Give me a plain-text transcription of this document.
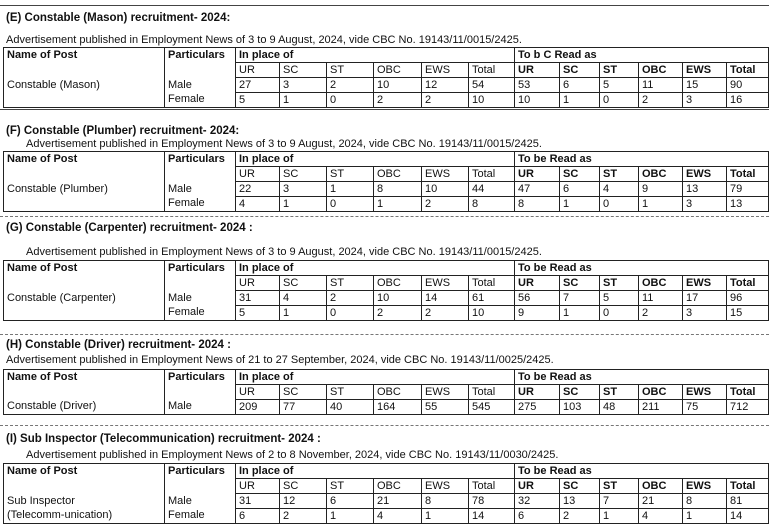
(E) Constable (Mason) recruitment- 2024:
Advertisement published in Employment News of 3 to 9 August, 2024, vide CBC No. 19143/11/0015/2425.
Name of Post	Particulars	In place of						To b C Read as					
		UR	SC	ST	OBC	EWS	Total	UR	SC	ST	OBC	EWS	Total
Constable (Mason)	Male	27	3	2	10	12	54	53	6	5	11	15	90
	Female	5	1	0	2	2	10	10	1	0	2	3	16
(F) Constable (Plumber) recruitment- 2024:
Advertisement published in Employment News of 3 to 9 August, 2024, vide CBC No. 19143/11/0015/2425.
Name of Post	Particulars	In place of						To be Read as					
		UR	SC	ST	OBC	EWS	Total	UR	SC	ST	OBC	EWS	Total
Constable (Plumber)	Male	22	3	1	8	10	44	47	6	4	9	13	79
	Female	4	1	0	1	2	8	8	1	0	1	3	13
(G) Constable (Carpenter) recruitment- 2024 :
Advertisement published in Employment News of 3 to 9 August, 2024, vide CBC No. 19143/11/0015/2425.
Name of Post	Particulars	In place of						To be Read as					
		UR	SC	ST	OBC	EWS	Total	UR	SC	ST	OBC	EWS	Total
Constable (Carpenter)	Male	31	4	2	10	14	61	56	7	5	11	17	96
	Female	5	1	0	2	2	10	9	1	0	2	3	15
(H) Constable (Driver) recruitment- 2024 :
Advertisement published in Employment News of 21 to 27 September, 2024, vide CBC No. 19143/11/0025/2425.
Name of Post	Particulars	In place of						To be Read as					
		UR	SC	ST	OBC	EWS	Total	UR	SC	ST	OBC	EWS	Total
Constable (Driver)	Male	209	77	40	164	55	545	275	103	48	211	75	712
(I) Sub Inspector (Telecommunication) recruitment- 2024 :
Advertisement published in Employment News of 2 to 8 November, 2024, vide CBC No. 19143/11/0030/2425.
Name of Post	Particulars	In place of						To be Read as					
		UR	SC	ST	OBC	EWS	Total	UR	SC	ST	OBC	EWS	Total
Sub Inspector	Male	31	12	6	21	8	78	32	13	7	21	8	81
(Telecomm-unication)	Female	6	2	1	4	1	14	6	2	1	4	1	14
